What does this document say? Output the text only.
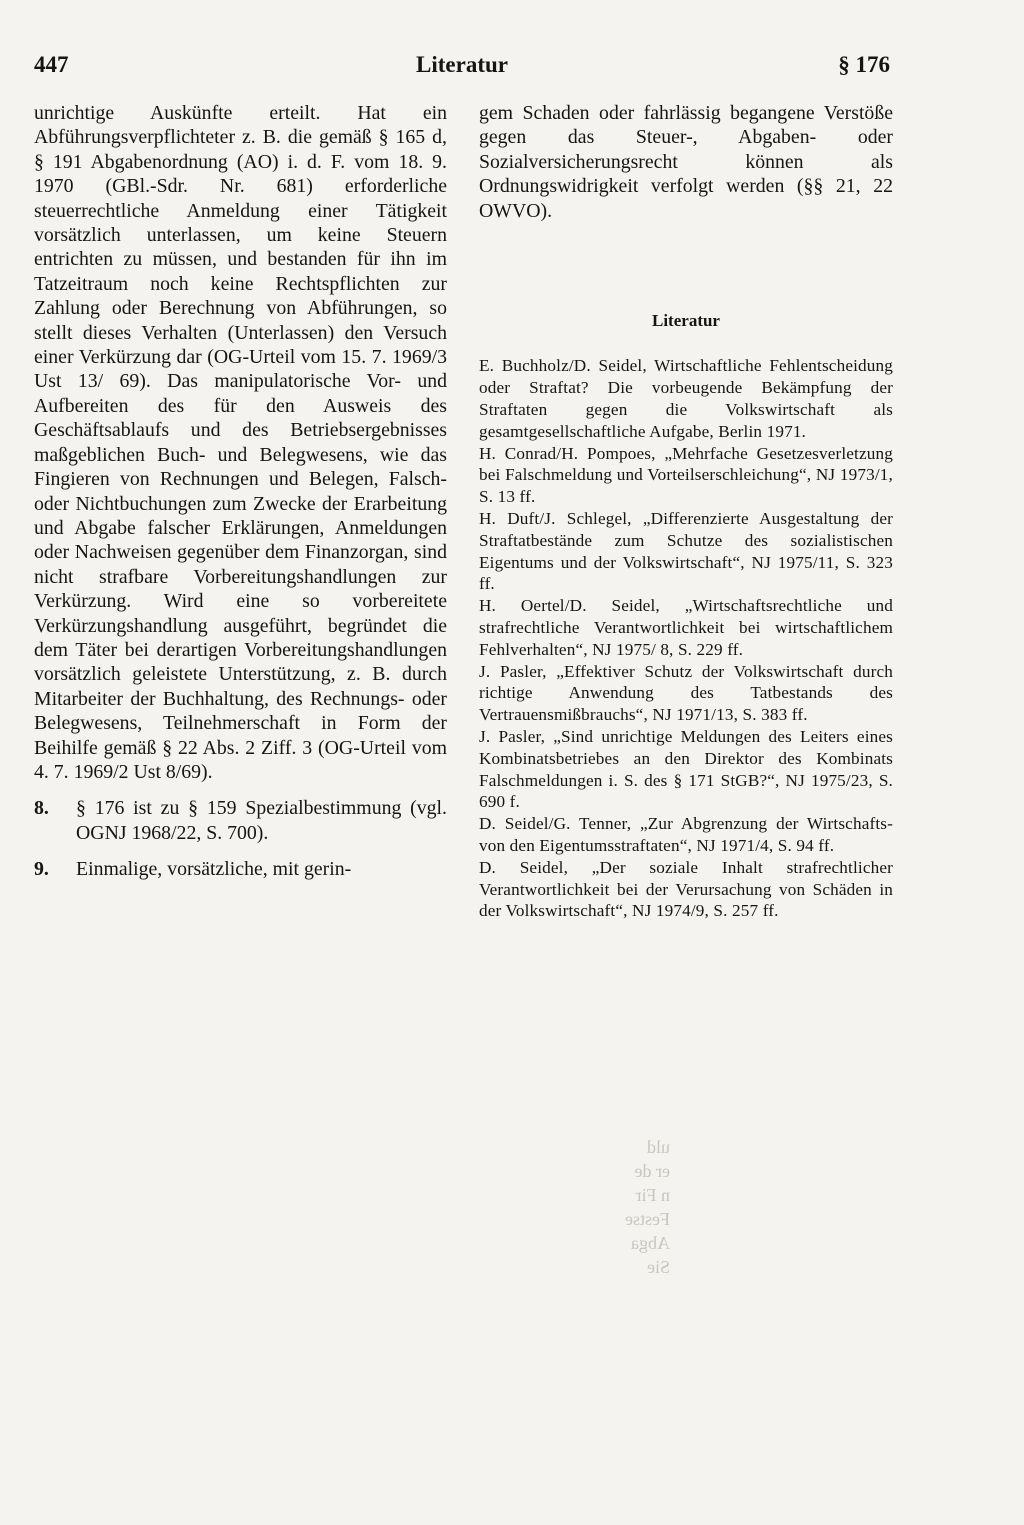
447	Literatur	§ 176
unrichtige Auskünfte erteilt. Hat ein Abführungsverpflichteter z. B. die gemäß § 165 d, § 191 Abgabenordnung (AO) i. d. F. vom 18. 9. 1970 (GBl.-Sdr. Nr. 681) erforderliche steuerrechtliche Anmeldung einer Tätigkeit vorsätzlich unterlassen, um keine Steuern entrichten zu müssen, und bestanden für ihn im Tatzeitraum noch keine Rechtspflichten zur Zahlung oder Berechnung von Abführungen, so stellt dieses Verhalten (Unterlassen) den Versuch einer Verkürzung dar (OG-Urteil vom 15. 7. 1969/3 Ust 13/ 69). Das manipulatorische Vor- und Aufbereiten des für den Ausweis des Geschäftsablaufs und des Betriebsergebnisses maßgeblichen Buch- und Belegwesens, wie das Fingieren von Rechnungen und Belegen, Falsch- oder Nichtbuchungen zum Zwecke der Erarbeitung und Abgabe falscher Erklärungen, Anmeldungen oder Nachweisen gegenüber dem Finanzorgan, sind nicht strafbare Vorbereitungshandlungen zur Verkürzung. Wird eine so vorbereitete Verkürzungshandlung ausgeführt, begründet die dem Täter bei derartigen Vorbereitungshandlungen vorsätzlich geleistete Unterstützung, z. B. durch Mitarbeiter der Buchhaltung, des Rechnungs- oder Belegwesens, Teilnehmerschaft in Form der Beihilfe gemäß § 22 Abs. 2 Ziff. 3 (OG-Urteil vom 4. 7. 1969/2 Ust 8/69).
8.	§ 176 ist zu § 159 Spezialbestimmung (vgl. OGNJ 1968/22, S. 700).
9.	Einmalige, vorsätzliche, mit gerin-
gem Schaden oder fahrlässig begangene Verstöße gegen das Steuer-, Abgaben- oder Sozialversicherungsrecht können als Ordnungswidrigkeit verfolgt werden (§§ 21, 22 OWVO).
Literatur
E. Buchholz/D. Seidel, Wirtschaftliche Fehlentscheidung oder Straftat? Die vorbeugende Bekämpfung der Straftaten gegen die Volkswirtschaft als gesamtgesellschaftliche Aufgabe, Berlin 1971.
H. Conrad/H. Pompoes, „Mehrfache Gesetzesverletzung bei Falschmeldung und Vorteilserschleichung“, NJ 1973/1, S. 13 ff.
H. Duft/J. Schlegel, „Differenzierte Ausgestaltung der Straftatbestände zum Schutze des sozialistischen Eigentums und der Volkswirtschaft“, NJ 1975/11, S. 323 ff.
H. Oertel/D. Seidel, „Wirtschaftsrechtliche und strafrechtliche Verantwortlichkeit bei wirtschaftlichem Fehlverhalten“, NJ 1975/ 8, S. 229 ff.
J. Pasler, „Effektiver Schutz der Volkswirtschaft durch richtige Anwendung des Tatbestands des Vertrauensmißbrauchs“, NJ 1971/13, S. 383 ff.
J. Pasler, „Sind unrichtige Meldungen des Leiters eines Kombinatsbetriebes an den Direktor des Kombinats Falschmeldungen i. S. des § 171 StGB?“, NJ 1975/23, S. 690 f.
D. Seidel/G. Tenner, „Zur Abgrenzung der Wirtschafts- von den Eigentumsstraftaten“, NJ 1971/4, S. 94 ff.
D. Seidel, „Der soziale Inhalt strafrechtlicher Verantwortlichkeit bei der Verursachung von Schäden in der Volkswirtschaft“, NJ 1974/9, S. 257 ff.
uld
er de
n Fir
Festse
Abga
Sie
